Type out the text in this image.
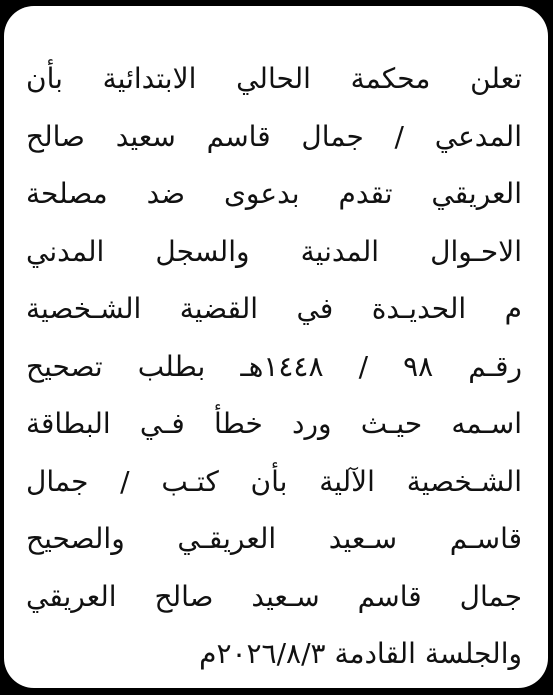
تعلن محكمة الحالي الابتدائية بأن
المدعي / جمال قاسم سعيد صالح
العريقي تقدم بدعوى ضد مصلحة
الاحـوال المدنية والسجل المدني
م الحديـدة في القضية الشـخصية
رقـم ٩٨ / ١٤٤٨هـ بطلب تصحيح
اسـمه حيـث ورد خطأ فـي البطاقة
الشـخصية الآلية بأن كتـب / جمال
قاسـم سـعيد العريقـي والصحيح
جمال قاسم سـعيد صالح العريقي
والجلسة القادمة ٢٠٢٦/٨/٣م
